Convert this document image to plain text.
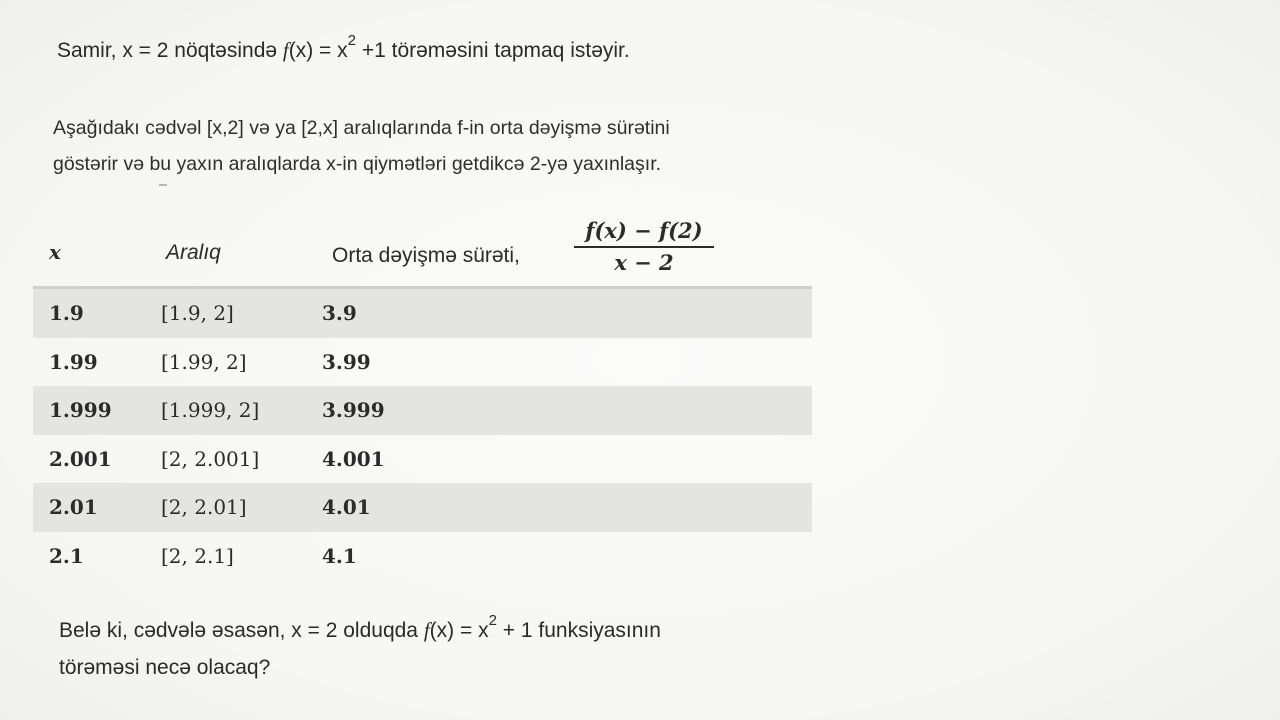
Samir, x = 2 nöqtəsində $f(x) = x^2 +1$ törəməsini tapmaq istəyir.
Aşağıdakı cədvəl [x,2] və ya [2,x] aralıqlarında f-in orta dəyişmə sürətini
göstərir və bu yaxın aralıqlarda x-in qiymətləri getdikcə 2-yə yaxınlaşır.
x	Aralıq	Orta dəyişmə sürəti,	$\frac{f(x) - f(2)}{x - 2}$
1.9	[1.9, 2]	3.9
1.99	[1.99, 2]	3.99
1.999 [1.999, 2]	3.999
2.001 [2, 2.001]	4.001
2.01	[2, 2.01]	4.01
2.1	[2, 2.1]	4.1
Belə ki, cədvələ əsasən, x = 2 olduqda $f(x) = x^2 + 1$ funksiyasının
törəməsi necə olacaq?
